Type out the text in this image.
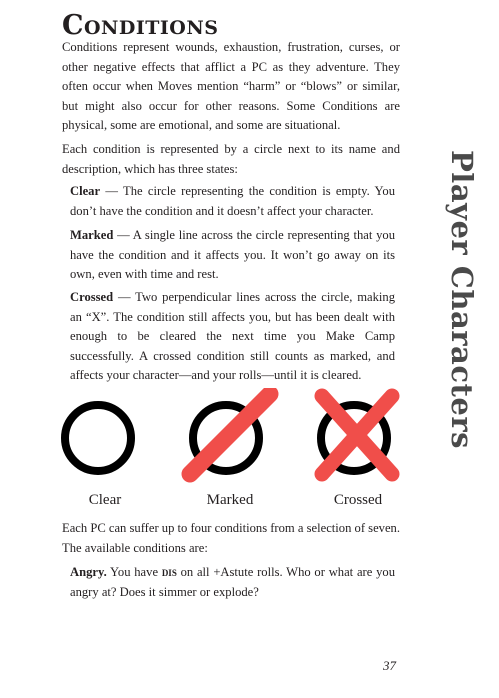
Conditions
Conditions represent wounds, exhaustion, frustration, curses, or other negative effects that afflict a PC as they adventure. They often occur when Moves mention “harm” or “blows” or similar, but might also occur for other reasons. Some Conditions are physical, some are emotional, and some are situational.
Each condition is represented by a circle next to its name and description, which has three states:
Clear — The circle representing the condition is empty. You don’t have the condition and it doesn’t affect your character.
Marked — A single line across the circle representing that you have the condition and it affects you. It won’t go away on its own, even with time and rest.
Crossed — Two perpendicular lines across the circle, making an “X”. The condition still affects you, but has been dealt with enough to be cleared the next time you Make Camp successfully. A crossed condition still counts as marked, and affects your character—and your rolls—until it is cleared.
Clear	Marked	Crossed
Each PC can suffer up to four conditions from a selection of seven. The available conditions are:
Angry. You have dis on all +Astute rolls. Who or what are you angry at? Does it simmer or explode?
Player Characters
37
